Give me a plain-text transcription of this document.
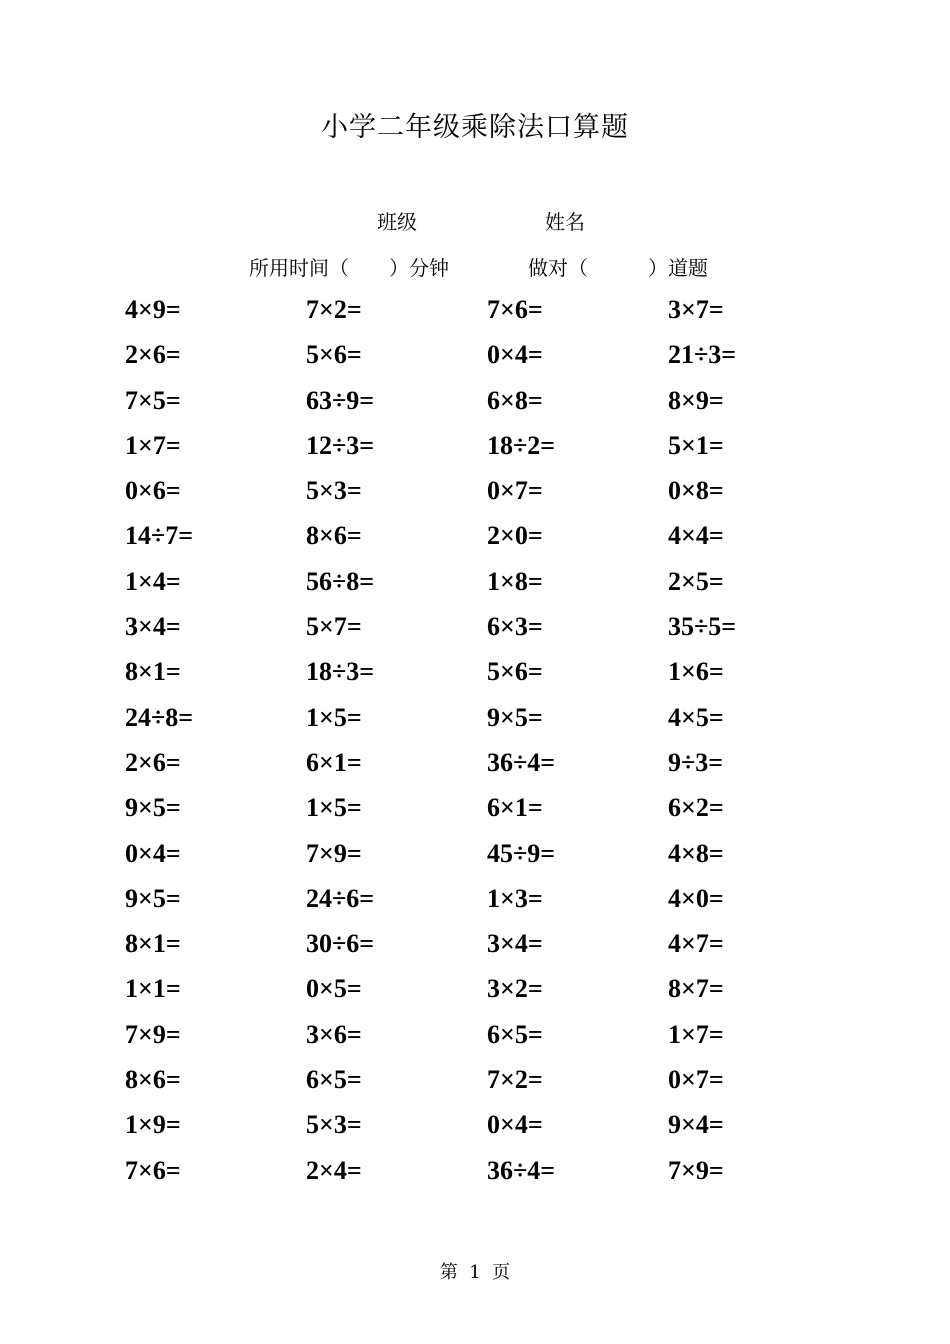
小学二年级乘除法口算题
班级	姓名
所用时间（　　）分钟	做对（　　　）道题
4×9=	7×2=	7×6=	3×7=
2×6=	5×6=	0×4=	21÷3=
7×5=	63÷9=	6×8=	8×9=
1×7=	12÷3=	18÷2=	5×1=
0×6=	5×3=	0×7=	0×8=
14÷7=	8×6=	2×0=	4×4=
1×4=	56÷8=	1×8=	2×5=
3×4=	5×7=	6×3=	35÷5=
8×1=	18÷3=	5×6=	1×6=
24÷8=	1×5=	9×5=	4×5=
2×6=	6×1=	36÷4=	9÷3=
9×5=	1×5=	6×1=	6×2=
0×4=	7×9=	45÷9=	4×8=
9×5=	24÷6=	1×3=	4×0=
8×1=	30÷6=	3×4=	4×7=
1×1=	0×5=	3×2=	8×7=
7×9=	3×6=	6×5=	1×7=
8×6=	6×5=	7×2=	0×7=
1×9=	5×3=	0×4=	9×4=
7×6=	2×4=	36÷4=	7×9=
第  1  页
